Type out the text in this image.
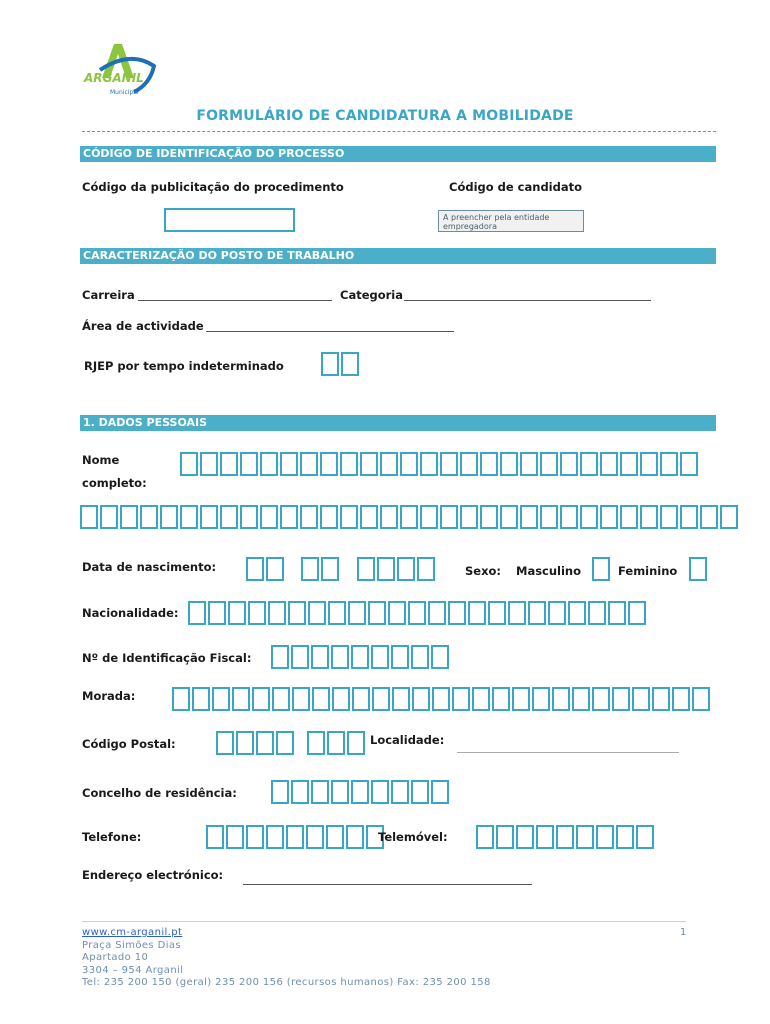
ARGANIL
Município
FORMULÁRIO DE CANDIDATURA A MOBILIDADE
CÓDIGO DE IDENTIFICAÇÃO DO PROCESSO
Código da publicitação do procedimento	Código de candidato
A preencher pela entidade empregadora
CARACTERIZAÇÃO DO POSTO DE TRABALHO
Carreira	Categoria
Área de actividade
RJEP por tempo indeterminado
1. DADOS PESSOAIS
Nome
completo:
Data de nascimento:	Sexo: Masculino	Feminino
Nacionalidade:
Nº de Identificação Fiscal:
Morada:
Código Postal:	Localidade:
Concelho de residência:
Telefone:	Telemóvel:
Endereço electrónico:
www.cm-arganil.pt
Praça Simões Dias
Apartado 10
3304 – 954 Arganil
Tel: 235 200 150 (geral) 235 200 156 (recursos humanos) Fax: 235 200 158
1
